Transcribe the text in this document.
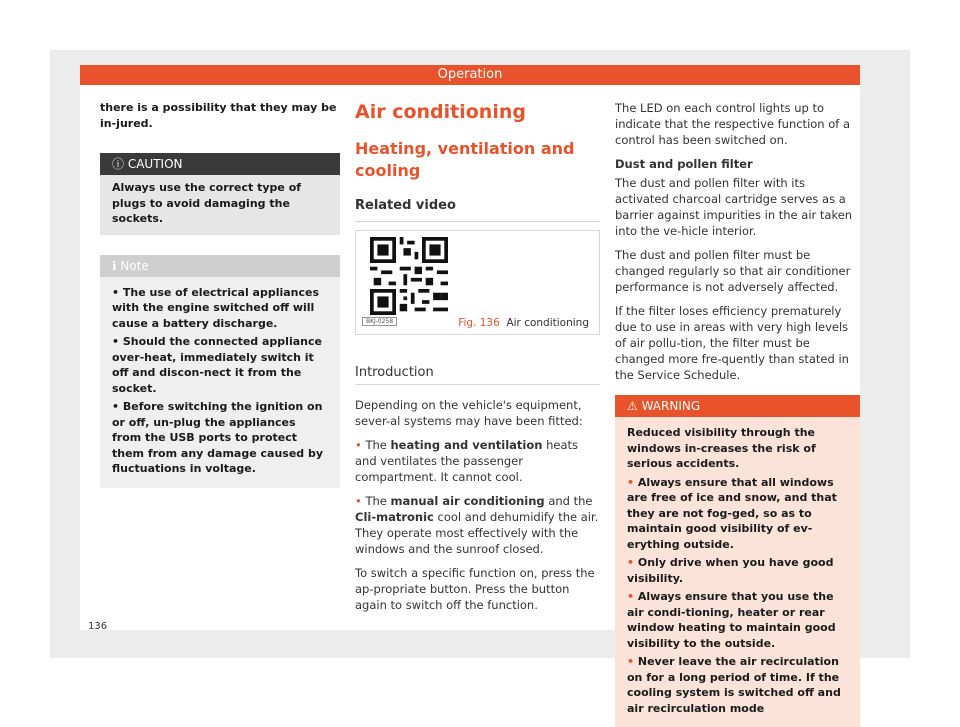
Operation

there is a possibility that they may be in-jured.

ⓘ CAUTION
Always use the correct type of plugs to avoid damaging the sockets.
ℹ Note

• The use of electrical appliances with the engine switched off will cause a battery discharge.

• Should the connected appliance over-heat, immediately switch it off and discon-nect it from the socket.

• Before switching the ignition on or off, un-plug the appliances from the USB ports to protect them from any damage caused by fluctuations in voltage.

Air conditioning

Heating, ventilation and cooling

Related video

BKJ-0258	Fig. 136 Air conditioning

Introduction

Depending on the vehicle's equipment, sever-al systems may have been fitted:

• The heating and ventilation heats and ventilates the passenger compartment. It cannot cool.

• The manual air conditioning and the Cli-matronic cool and dehumidify the air. They operate most effectively with the windows and the sunroof closed.

To switch a specific function on, press the ap-propriate button. Press the button again to switch off the function.

The LED on each control lights up to indicate that the respective function of a control has been switched on.

Dust and pollen filter

The dust and pollen filter with its activated charcoal cartridge serves as a barrier against impurities in the air taken into the ve-hicle interior.

The dust and pollen filter must be changed regularly so that air conditioner performance is not adversely affected.

If the filter loses efficiency prematurely due to use in areas with very high levels of air pollu-tion, the filter must be changed more fre-quently than stated in the Service Schedule.

⚠ WARNING

Reduced visibility through the windows in-creases the risk of serious accidents.

• Always ensure that all windows are free of ice and snow, and that they are not fog-ged, so as to maintain good visibility of ev-erything outside.

• Only drive when you have good visibility.

• Always ensure that you use the air condi-tioning, heater or rear window heating to maintain good visibility to the outside.

• Never leave the air recirculation on for a long period of time. If the cooling system is switched off and air recirculation mode

136
